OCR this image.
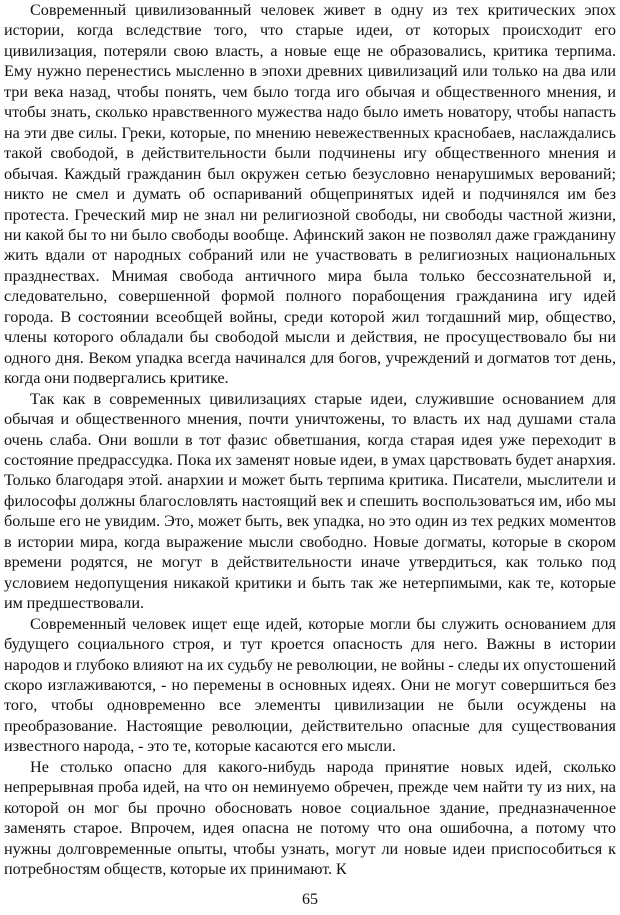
Современный цивилизованный человек живет в одну из тех критических эпох истории, когда вследствие того, что старые идеи, от которых происходит его цивилизация, потеряли свою власть, а новые еще не образовались, критика терпима. Ему нужно перенестись мысленно в эпохи древних цивилизаций или только на два или три века назад, чтобы понять, чем было тогда иго обычая и общественного мнения, и чтобы знать, сколько нравственного мужества надо было иметь новатору, чтобы напасть на эти две силы. Греки, которые, по мнению невежественных краснобаев, наслаждались такой свободой, в действительности были подчинены игу общественного мнения и обычая. Каждый гражданин был окружен сетью безусловно ненарушимых верований; никто не смел и думать об оспариваний общепринятых идей и подчинялся им без протеста. Греческий мир не знал ни религиозной свободы, ни свободы частной жизни, ни какой бы то ни было свободы вообще. Афинский закон не позволял даже гражданину жить вдали от народных собраний или не участвовать в религиозных национальных празднествах. Мнимая свобода античного мира была только бессознательной и, следовательно, совершенной формой полного порабощения гражданина игу идей города. В состоянии всеобщей войны, среди которой жил тогдашний мир, общество, члены которого обладали бы свободой мысли и действия, не просуществовало бы ни одного дня. Веком упадка всегда начинался для богов, учреждений и догматов тот день, когда они подвергались критике.

Так как в современных цивилизациях старые идеи, служившие основанием для обычая и общественного мнения, почти уничтожены, то власть их над душами стала очень слаба. Они вошли в тот фазис обветшания, когда старая идея уже переходит в состояние предрассудка. Пока их заменят новые идеи, в умах царствовать будет анархия. Только благодаря этой. анархии и может быть терпима критика. Писатели, мыслители и философы должны благословлять настоящий век и спешить воспользоваться им, ибо мы больше его не увидим. Это, может быть, век упадка, но это один из тех редких моментов в истории мира, когда выражение мысли свободно. Новые догматы, которые в скором времени родятся, не могут в действительности иначе утвердиться, как только под условием недопущения никакой критики и быть так же нетерпимыми, как те, которые им предшествовали.

Современный человек ищет еще идей, которые могли бы служить основанием для будущего социального строя, и тут кроется опасность для него. Важны в истории народов и глубоко влияют на их судьбу не революции, не войны - следы их опустошений скоро изглаживаются, - но перемены в основных идеях. Они не могут совершиться без того, чтобы одновременно все элементы цивилизации не были осуждены на преобразование. Настоящие революции, действительно опасные для существования известного народа, - это те, которые касаются его мысли.

Не столько опасно для какого-нибудь народа принятие новых идей, сколько непрерывная проба идей, на что он неминуемо обречен, прежде чем найти ту из них, на которой он мог бы прочно обосновать новое социальное здание, предназначенное заменять старое. Впрочем, идея опасна не потому что она ошибочна, а потому что нужны долговременные опыты, чтобы узнать, могут ли новые идеи приспособиться к потребностям обществ, которые их принимают. К

65
